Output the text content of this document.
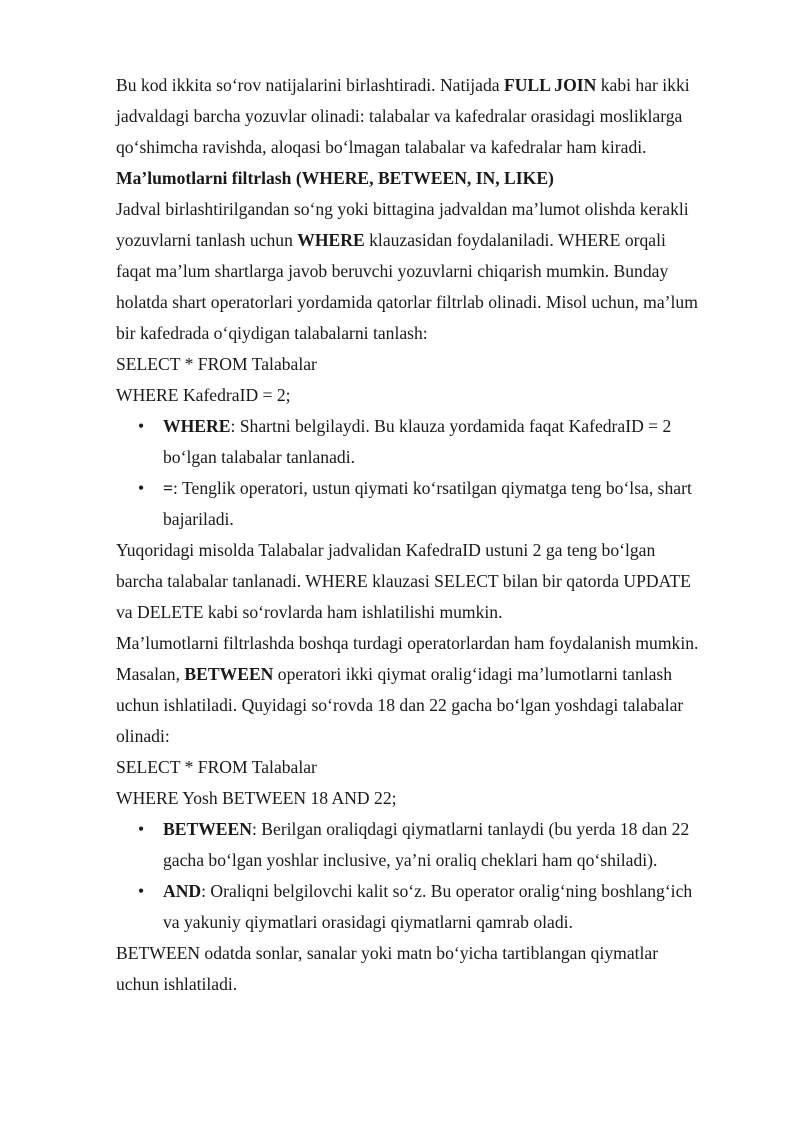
Bu kod ikkita so‘rov natijalarini birlashtiradi. Natijada FULL JOIN kabi har ikki

jadvaldagi barcha yozuvlar olinadi: talabalar va kafedralar orasidagi mosliklarga

qo‘shimcha ravishda, aloqasi bo‘lmagan talabalar va kafedralar ham kiradi.

Ma’lumotlarni filtrlash (WHERE, BETWEEN, IN, LIKE)

Jadval birlashtirilgandan so‘ng yoki bittagina jadvaldan ma’lumot olishda kerakli

yozuvlarni tanlash uchun WHERE klauzasidan foydalaniladi. WHERE orqali

faqat ma’lum shartlarga javob beruvchi yozuvlarni chiqarish mumkin. Bunday

holatda shart operatorlari yordamida qatorlar filtrlab olinadi. Misol uchun, ma’lum

bir kafedrada o‘qiydigan talabalarni tanlash:

SELECT * FROM Talabalar

WHERE KafedraID = 2;

• WHERE: Shartni belgilaydi. Bu klauza yordamida faqat KafedraID = 2

bo‘lgan talabalar tanlanadi.

• =: Tenglik operatori, ustun qiymati ko‘rsatilgan qiymatga teng bo‘lsa, shart

bajariladi.

Yuqoridagi misolda Talabalar jadvalidan KafedraID ustuni 2 ga teng bo‘lgan

barcha talabalar tanlanadi. WHERE klauzasi SELECT bilan bir qatorda UPDATE

va DELETE kabi so‘rovlarda ham ishlatilishi mumkin.

Ma’lumotlarni filtrlashda boshqa turdagi operatorlardan ham foydalanish mumkin.

Masalan, BETWEEN operatori ikki qiymat oralig‘idagi ma’lumotlarni tanlash

uchun ishlatiladi. Quyidagi so‘rovda 18 dan 22 gacha bo‘lgan yoshdagi talabalar

olinadi:

SELECT * FROM Talabalar

WHERE Yosh BETWEEN 18 AND 22;

• BETWEEN: Berilgan oraliqdagi qiymatlarni tanlaydi (bu yerda 18 dan 22

gacha bo‘lgan yoshlar inclusive, ya’ni oraliq cheklari ham qo‘shiladi).

• AND: Oraliqni belgilovchi kalit so‘z. Bu operator oralig‘ning boshlang‘ich

va yakuniy qiymatlari orasidagi qiymatlarni qamrab oladi.

BETWEEN odatda sonlar, sanalar yoki matn bo‘yicha tartiblangan qiymatlar

uchun ishlatiladi.
